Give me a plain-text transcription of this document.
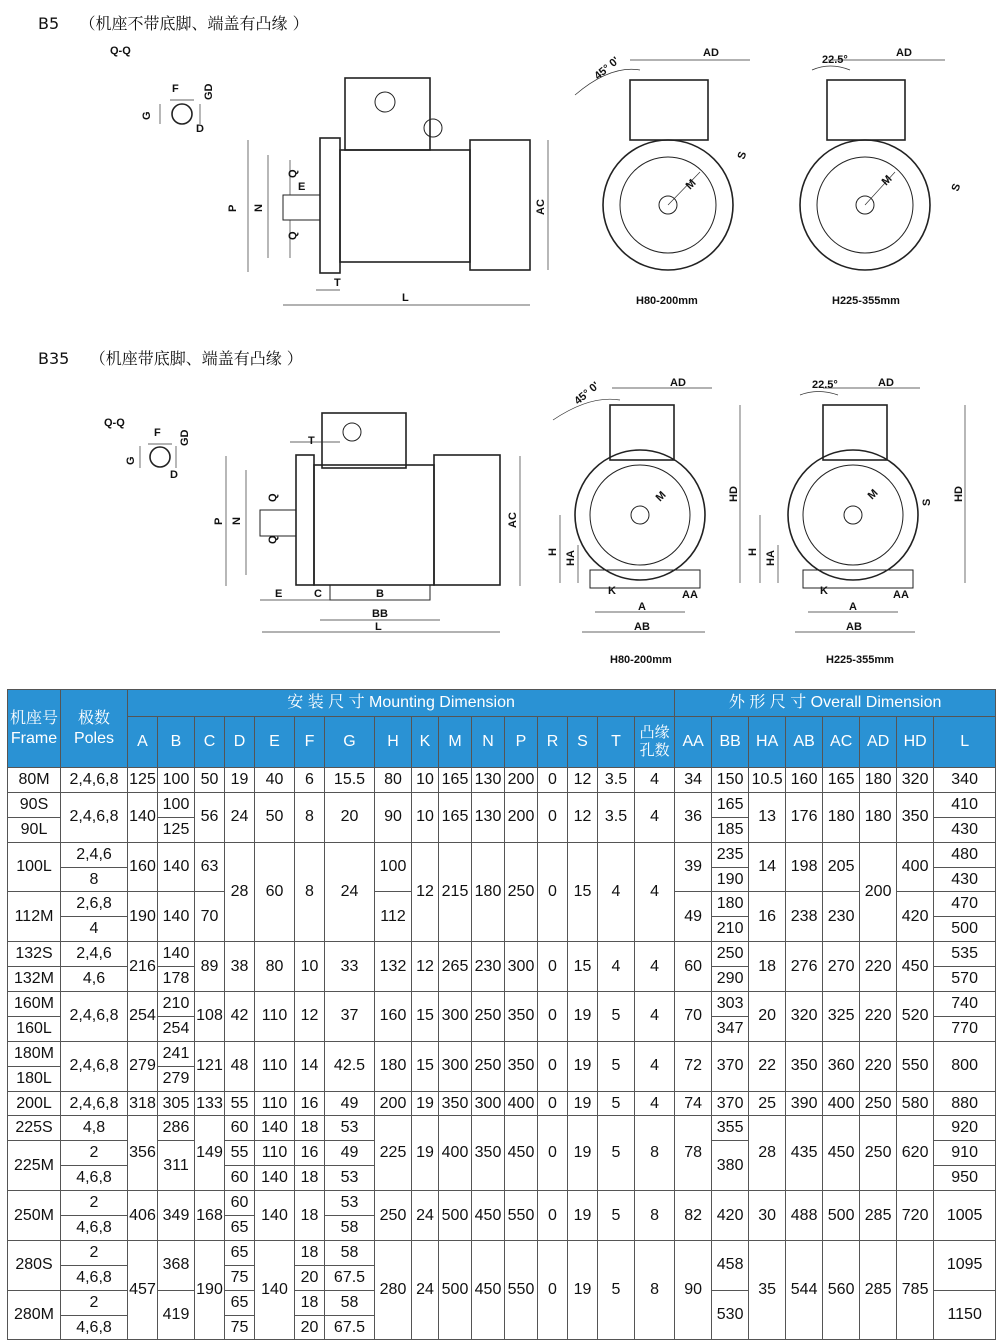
B5 （机座不带底脚、端盖有凸缘 ）
B35 （机座带底脚、端盖有凸缘 ）
Q-Q
F GD
G
D
P N
Q
Q
E
T
L
AC
AD
45° 0'
M
S
H80-200mm
AD
22.5°
M	S
H225-355mm
Q-Q
F GD
G
D
P N
Q
Q
T
E	C	B
BB
L
AC
AD
45° 0'
M	HD
H HA
K
A
AA
AB
H80-200mm
AD
22.5°
M
S
HD
H HA
K
A
AA
AB
H225-355mm
机座号
Frame	极数
Poles	安 装 尺 寸 Mounting Dimension																外 形 尺 寸 Overall Dimension							
		A	B	C	D	E	F	G	H	K	M	N	P	R	S	T	凸缘孔数	AA	BB	HA	AB	AC	AD	HD	L
80M	2,4,6,8	125	100	50	19	40	6	15.5	80	10	165	130	200	0	12	3.5	4	34	150	10.5	160	165	180	320	340
90S	2,4,6,8	140	100	56	24	50	8	20	90	10	165	130	200	0	12	3.5	4	36	165	13	176	180	180	350	410
90L			125																185						430
100L	2,4,6	160	140	63	28	60	8	24	100	12	215	180	250	0	15	4	4	39	235	14	198	205	200	400	480
	8																		190						430
112M	2,6,8	190	140	70					112									49	180	16	238	230		420	470
	4																		210						500
132S	2,4,6	216	140	89	38	80	10	33	132	12	265	230	300	0	15	4	4	60	250	18	276	270	220	450	535
132M	4,6		178																290						570
160M	2,4,6,8	254	210	108	42	110	12	37	160	15	300	250	350	0	19	5	4	70	303	20	320	325	220	520	740
160L			254																347						770
180M	2,4,6,8	279	241	121	48	110	14	42.5	180	15	300	250	350	0	19	5	4	72	370	22	350	360	220	550	800
180L			279																						
200L	2,4,6,8	318	305	133	55	110	16	49	200	19	350	300	400	0	19	5	4	74	370	25	390	400	250	580	880
225S	4,8	356	286	149	60	140	18	53	225	19	400	350	450	0	19	5	8	78	355	28	435	450	250	620	920
225M	2		311		55	110	16	49											380						910
	4,6,8				60	140	18	53																	950
250M	2	406	349	168	60	140	18	53	250	24	500	450	550	0	19	5	8	82	420	30	488	500	285	720	1005
	4,6,8				65			58																	
280S	2	457	368	190	65	140	18	58	280	24	500	450	550	0	19	5	8	90	458	35	544	560	285	785	1095
	4,6,8				75		20	67.5																	
280M	2		419		65		18	58											530						1150
	4,6,8				75		20	67.5																	
